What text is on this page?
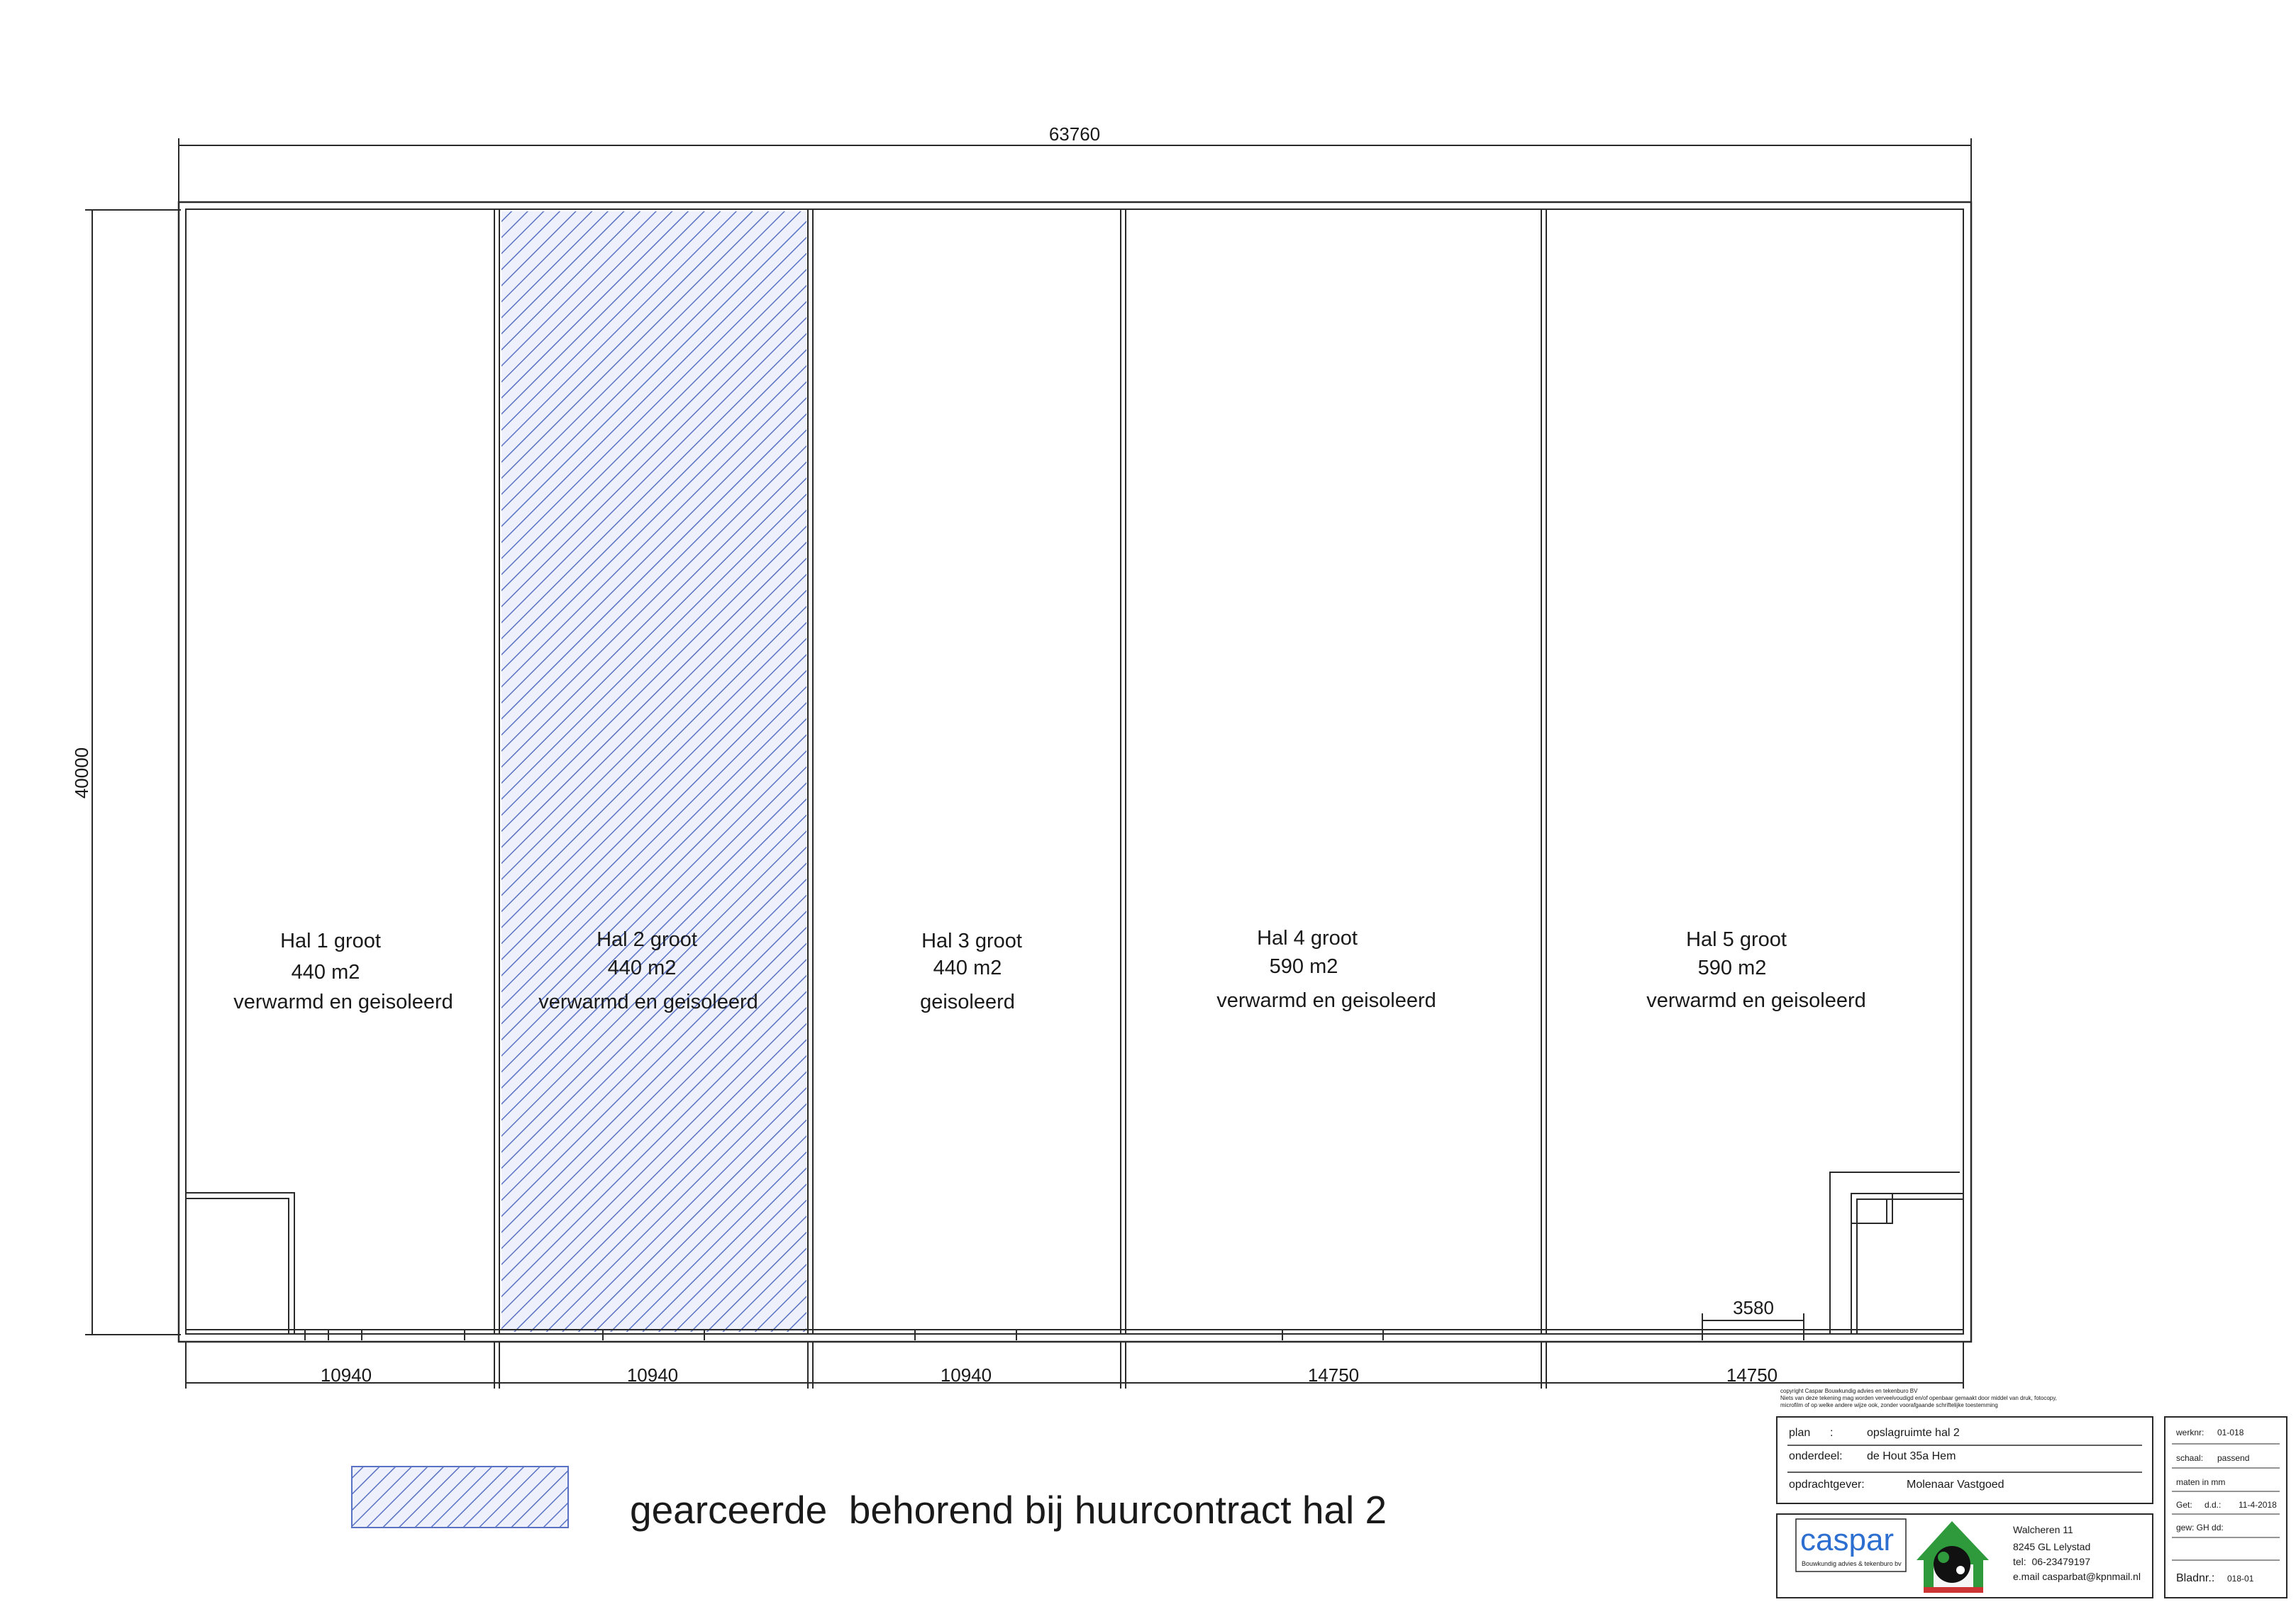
63760
40000
3580
Hal 1 groot
440 m2
verwarmd en geisoleerd
Hal 2 groot
440 m2
verwarmd en geisoleerd
Hal 3 groot
440 m2
geisoleerd
Hal 4 groot
590 m2
verwarmd en geisoleerd
Hal 5 groot
590 m2
verwarmd en geisoleerd
10940	10940	10940	14750	14750
gearceerde  behorend bij huurcontract hal 2
copyright Caspar Bouwkundig advies en tekenburo BV
Niets van deze tekening mag worden verveelvoudigd en/of openbaar gemaakt door middel van druk, fotocopy,
microfilm of op welke andere wijze ook, zonder voorafgaande schriftelijke toestemming
plan :	opslagruimte hal 2
onderdeel: de Hout 35a Hem
opdrachtgever:	Molenaar Vastgoed
werknr: 01-018
schaal: passend
maten in mm
Get: d.d.: 11-4-2018
gew: GH dd:
Bladnr.: 018-01
caspar
Bouwkundig advies & tekenburo bv
Walcheren 11
8245 GL Lelystad
tel:  06-23479197
e.mail casparbat@kpnmail.nl
